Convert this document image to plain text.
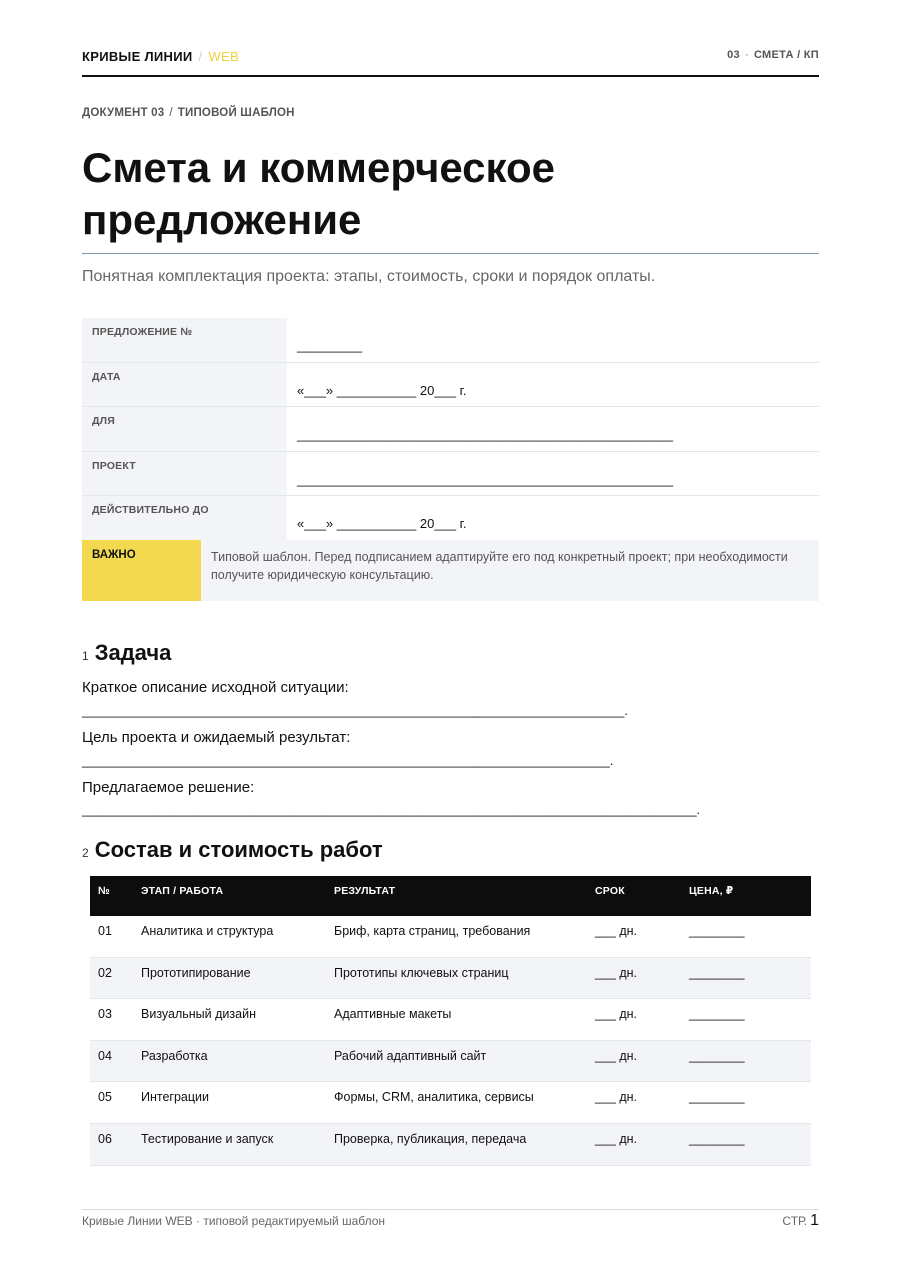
КРИВЫЕ ЛИНИИ / WEB	03 · СМЕТА / КП
ДОКУМЕНТ 03 / ТИПОВОЙ ШАБЛОН
Смета и коммерческое
предложение

Понятная комплектация проекта: этапы, стоимость, сроки и порядок оплаты.

ПРЕДЛОЖЕНИЕ №
_________
ДАТА
«___» ___________ 20___ г.
ДЛЯ
____________________________________________________
ПРОЕКТ
____________________________________________________
ДЕЙСТВИТЕЛЬНО ДО
«___» ___________ 20___ г.
ВАЖНО	Типовой шаблон. Перед подписанием адаптируйте его под конкретный проект; при необходимости получите юридическую консультацию.
1 Задача
Краткое описание исходной ситуации:
___________________________________________________________________________.
Цель проекта и ожидаемый результат:
_________________________________________________________________________.
Предлагаемое решение:
_____________________________________________________________________________________.
2 Состав и стоимость работ
№	ЭТАП / РАБОТА	РЕЗУЛЬТАТ	СРОК	ЦЕНА, ₽
01 Аналитика и структура	Бриф, карта страниц, требования	___ дн.	________
02 Прототипирование	Прототипы ключевых страниц	___ дн.	________
03 Визуальный дизайн	Адаптивные макеты	___ дн.	________
04 Разработка	Рабочий адаптивный сайт	___ дн.	________
05 Интеграции	Формы, CRM, аналитика, сервисы	___ дн.	________
06 Тестирование и запуск	Проверка, публикация, передача	___ дн.	________
Кривые Линии WEB · типовой редактируемый шаблон	СТР. 1
